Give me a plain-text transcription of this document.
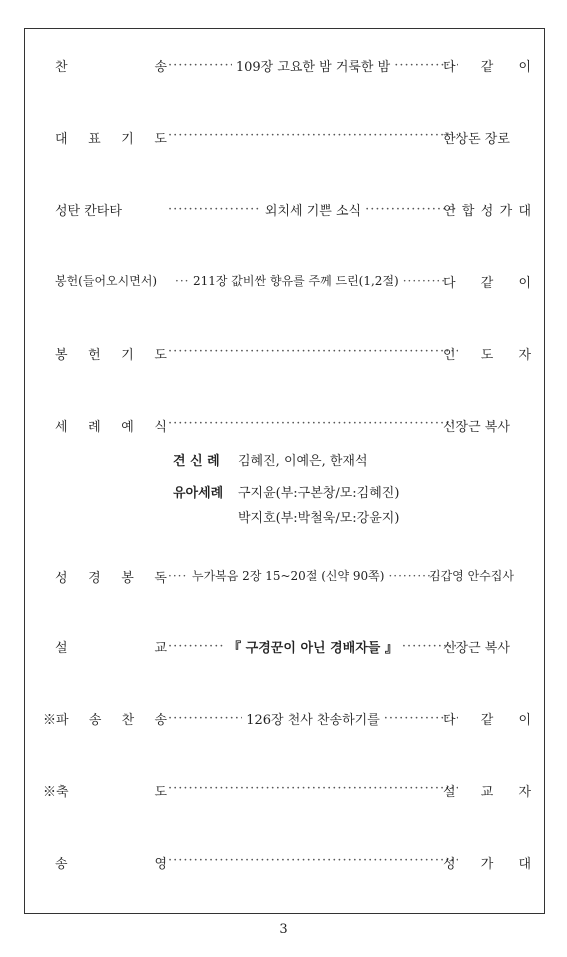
찬	송 ·····	109장 고요한 밤 거룩한 밤 ·····	다 같 이
대 표 기 도 ·····	한상돈 장로
성탄 칸타타 ·····	외치세 기쁜 소식 ·····	연 합 성 가 대
봉헌(들어오시면서) ·····	211장 값비싼 향유를 주께 드린(1,2절) ·····	다 같 이
봉 헌 기 도 ·····	인 도 자
세 례 예 식 ·····	신장근 복사
견 신 례 김혜진, 이예은, 한재석
유아세례 구지윤(부:구본창/모:김혜진)
박지호(부:박철욱/모:강윤지)
성 경 봉 독 ·····	누가복음 2장 15~20절 (신약 90쪽) ·····	김갑영 안수집사
설	교 ·····	『 구경꾼이 아닌 경배자들 』 ·····	신장근 복사
※파 송 찬 송 ·····	126장 천사 찬송하기를 ·····	다 같 이
※축	도 ·····	설 교 자
송	영 ·····	성 가 대
3
